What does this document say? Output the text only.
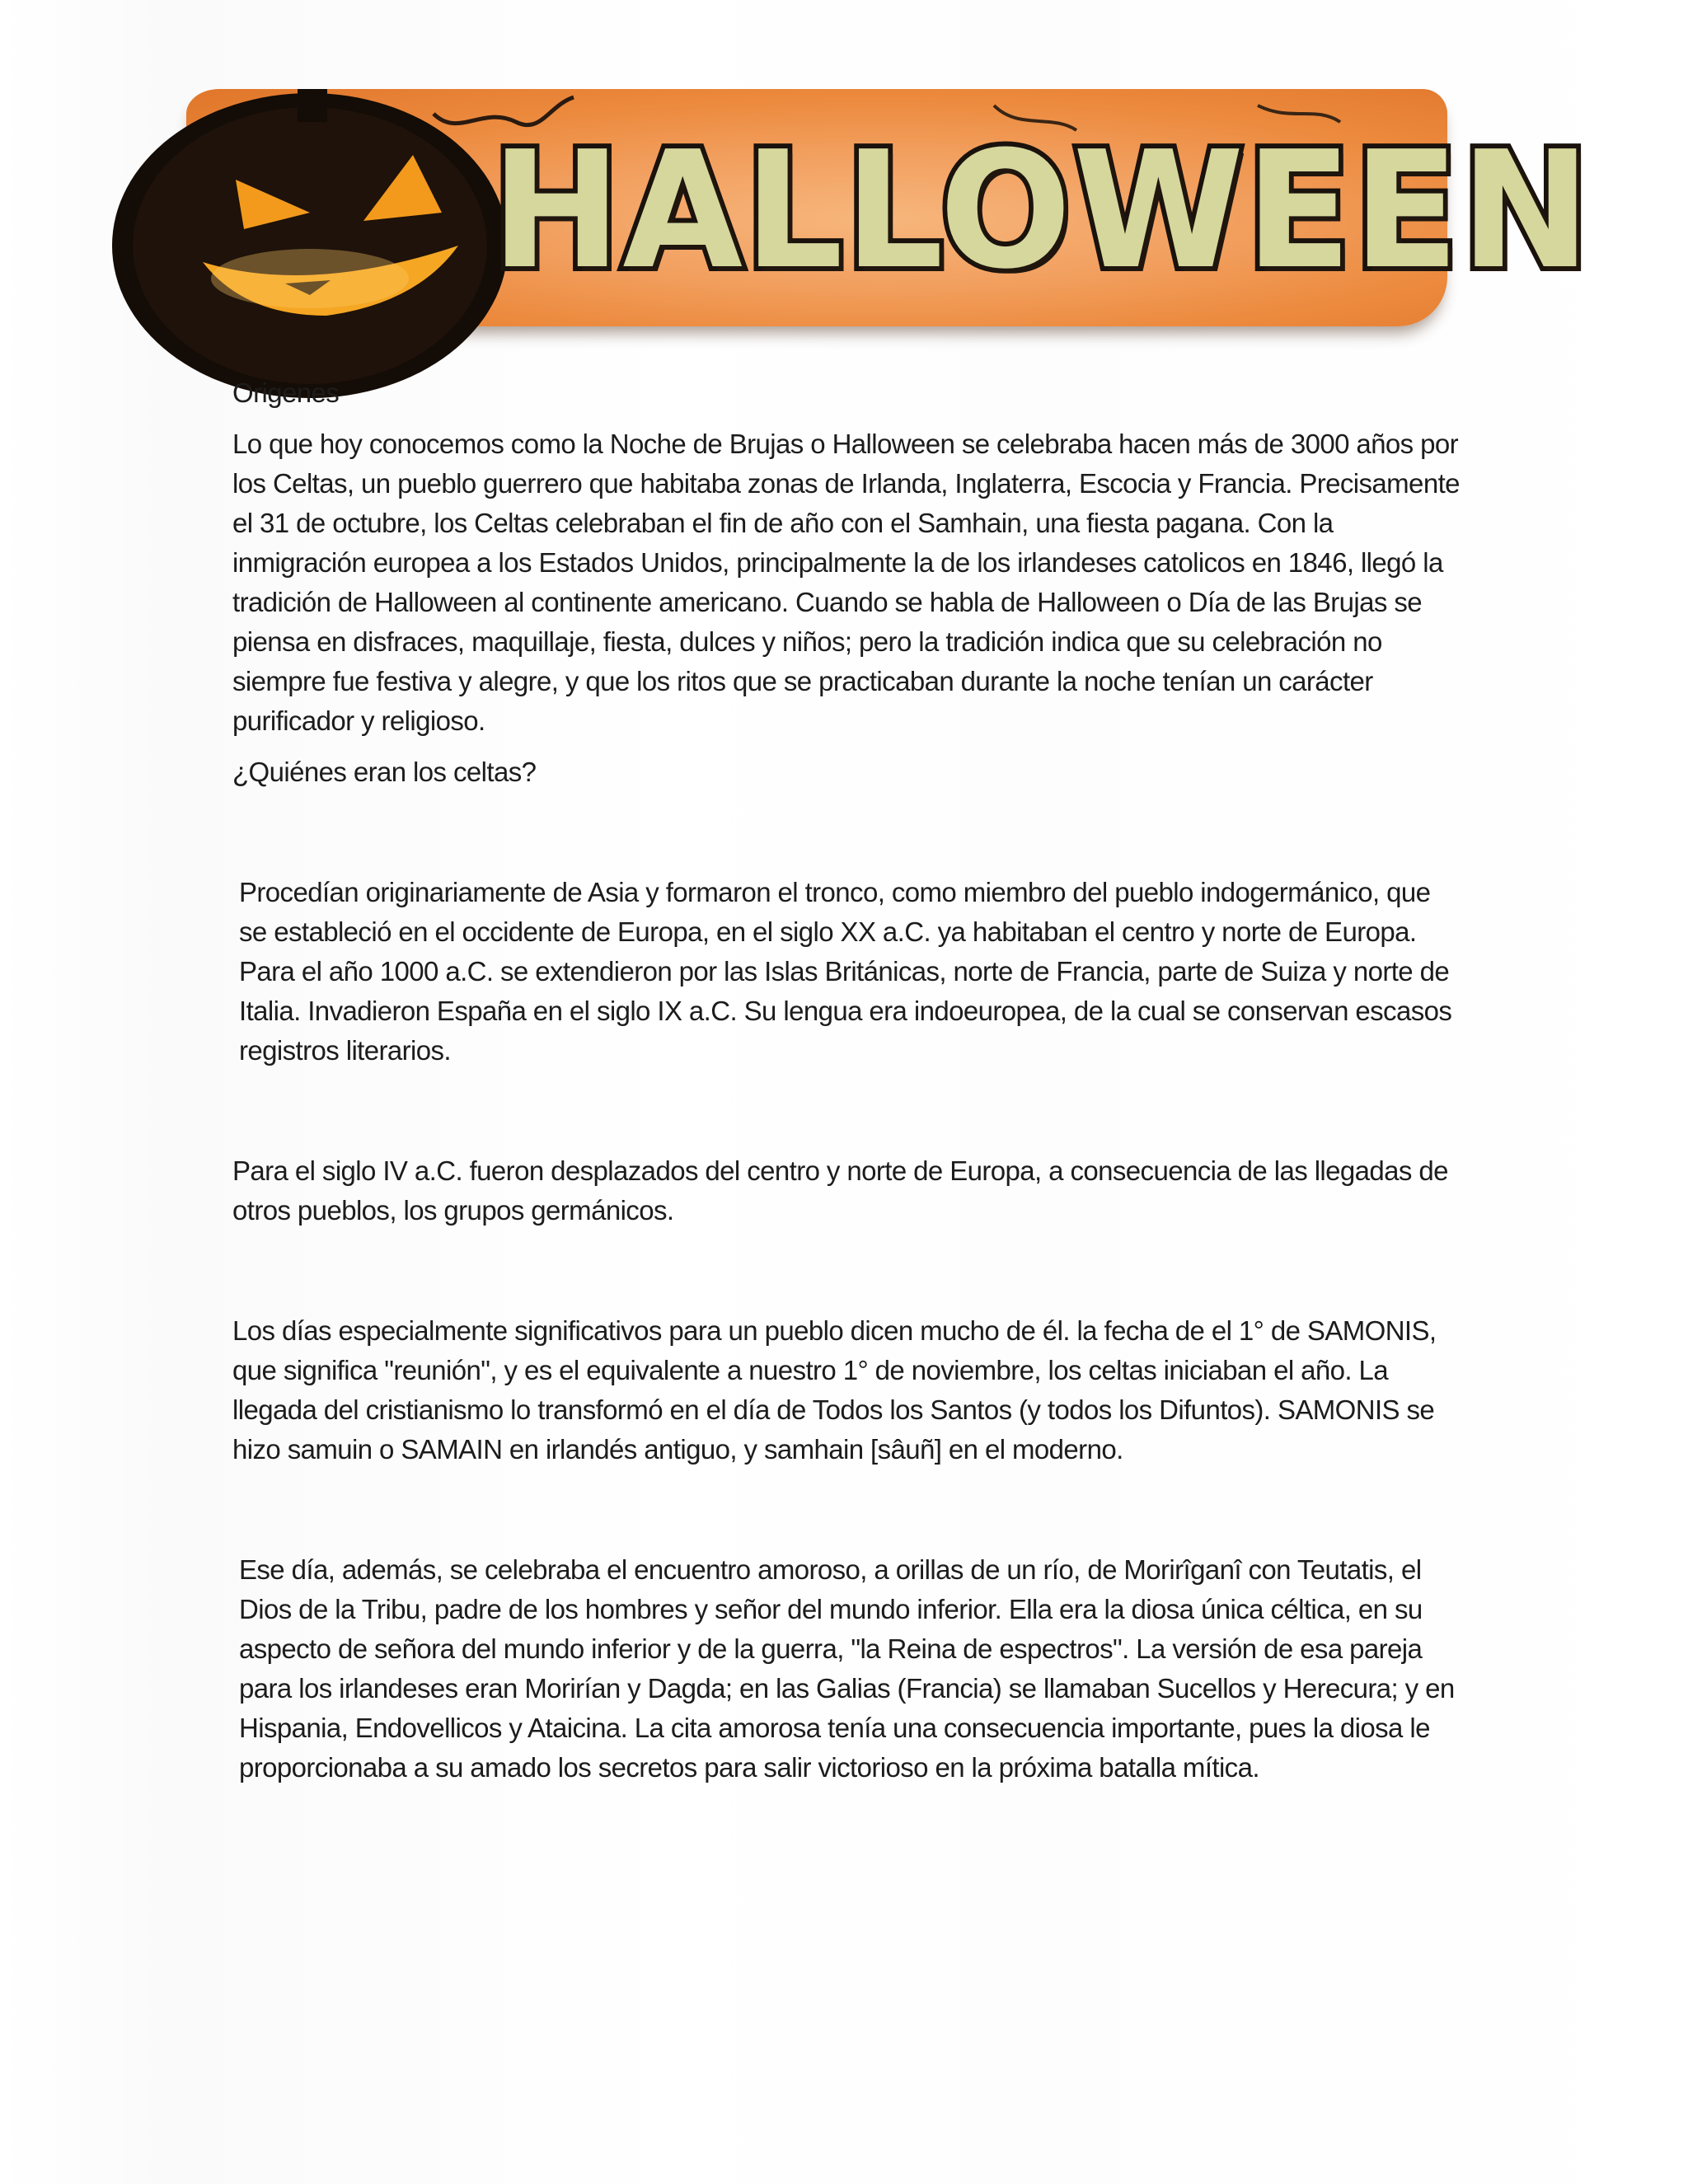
HALLOWEEN

Origenes

Lo que hoy conocemos como la Noche de Brujas o Halloween se celebraba hacen más de 3000 años por los Celtas, un pueblo guerrero que habitaba zonas de Irlanda, Inglaterra, Escocia y Francia. Precisamente el 31 de octubre, los Celtas celebraban el fin de año con el Samhain, una fiesta pagana. Con la inmigración europea a los Estados Unidos, principalmente la de los irlandeses catolicos en 1846, llegó la tradición de Halloween al continente americano. Cuando se habla de Halloween o Día de las Brujas se piensa en disfraces, maquillaje, fiesta, dulces y niños; pero la tradición indica que su celebración no siempre fue festiva y alegre, y que los ritos que se practicaban durante la noche tenían un carácter purificador y religioso.

¿Quiénes eran los celtas?

Procedían originariamente de Asia y formaron el tronco, como miembro del pueblo indogermánico, que se estableció en el occidente de Europa, en el siglo XX a.C. ya habitaban el centro y norte de Europa. Para el año 1000 a.C. se extendieron por las Islas Británicas, norte de Francia, parte de Suiza y norte de Italia. Invadieron España en el siglo IX a.C. Su lengua era indoeuropea, de la cual se conservan escasos registros literarios.

Para el siglo IV a.C. fueron desplazados del centro y norte de Europa, a consecuencia de las llegadas de otros pueblos, los grupos germánicos.

Los días especialmente significativos para un pueblo dicen mucho de él. la fecha de el 1° de SAMONIS, que significa "reunión", y es el equivalente a nuestro 1° de noviembre, los celtas iniciaban el año. La llegada del cristianismo lo transformó en el día de Todos los Santos (y todos los Difuntos). SAMONIS se hizo samuin o SAMAIN en irlandés antiguo, y samhain [sâuñ] en el moderno.

Ese día, además, se celebraba el encuentro amoroso, a orillas de un río, de Morirîganî con Teutatis, el Dios de la Tribu, padre de los hombres y señor del mundo inferior. Ella era la diosa única céltica, en su aspecto de señora del mundo inferior y de la guerra, "la Reina de espectros". La versión de esa pareja para los irlandeses eran Morirían y Dagda; en las Galias (Francia) se llamaban Sucellos y Herecura; y en Hispania, Endovellicos y Ataicina. La cita amorosa tenía una consecuencia importante, pues la diosa le proporcionaba a su amado los secretos para salir victorioso en la próxima batalla mítica.
